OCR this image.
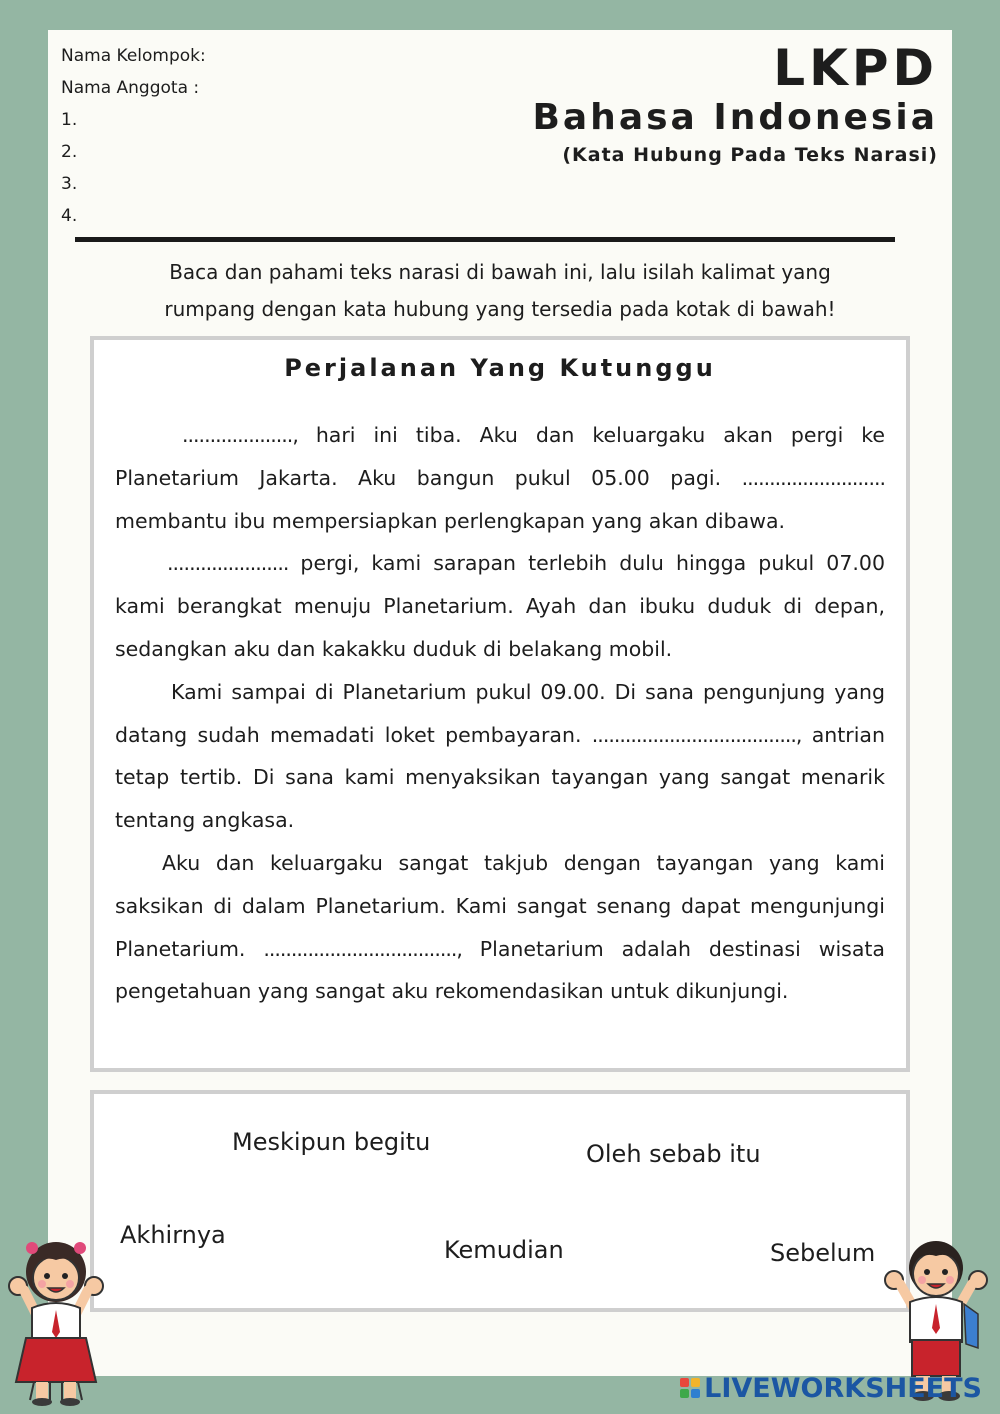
Nama Kelompok:
Nama Anggota :
1.
2.
3.
4.
LKPD
Bahasa Indonesia
(Kata Hubung Pada Teks Narasi)
Baca dan pahami teks narasi di bawah ini, lalu isilah kalimat yang
rumpang dengan kata hubung yang tersedia pada kotak di bawah!
Perjalanan Yang Kutunggu

...................., hari ini tiba. Aku dan keluargaku akan pergi ke Planetarium Jakarta. Aku bangun pukul 05.00 pagi. .......................... membantu ibu mempersiapkan perlengkapan yang akan dibawa.

...................... pergi, kami sarapan terlebih dulu hingga pukul 07.00 kami berangkat menuju Planetarium. Ayah dan ibuku duduk di depan, sedangkan aku dan kakakku duduk di belakang mobil.

Kami sampai di Planetarium pukul 09.00. Di sana pengunjung yang datang sudah memadati loket pembayaran. ....................................., antrian tetap tertib. Di sana kami menyaksikan tayangan yang sangat menarik tentang angkasa.

Aku dan keluargaku sangat takjub dengan tayangan yang kami saksikan di dalam Planetarium. Kami sangat senang dapat mengunjungi Planetarium. ..................................., Planetarium adalah destinasi wisata pengetahuan yang sangat aku rekomendasikan untuk dikunjungi.

Meskipun begitu	Oleh sebab itu
Akhirnya
Kemudian	Sebelum
LIVEWORKSHEETS
